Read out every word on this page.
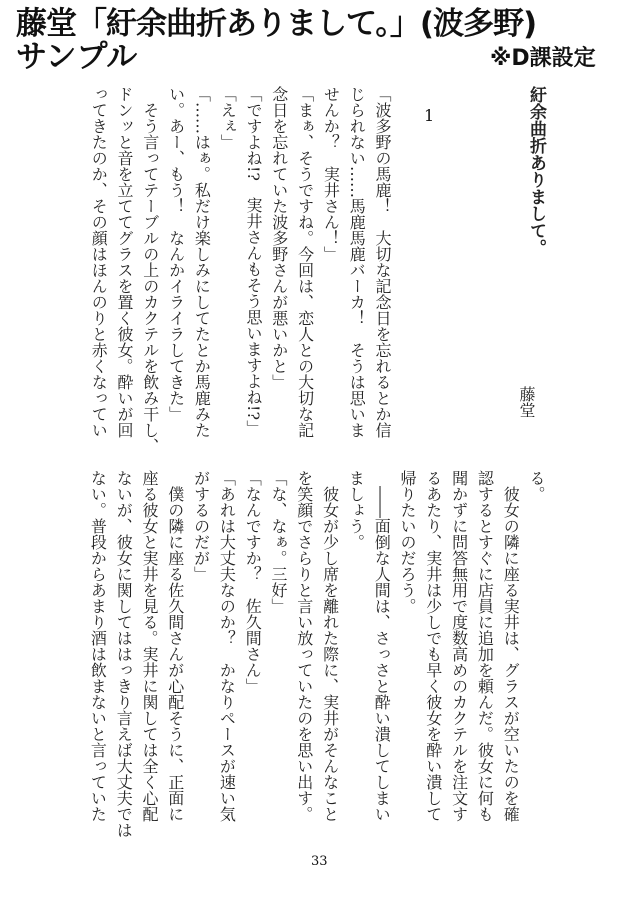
藤堂「紆余曲折ありまして。」(波多野)
サンプル	※D課設定
紆余曲折ありまして。
藤堂
1
「波多野の馬鹿！　大切な記念日を忘れるとか信
じられない……馬鹿馬鹿バーカ！　そうは思いま
せんか？　実井さん！」
「まぁ、そうですね。今回は、恋人との大切な記
念日を忘れていた波多野さんが悪いかと」
「ですよね!?　実井さんもそう思いますよね!?」
「えぇ」
「……はぁ。私だけ楽しみにしてたとか馬鹿みた
い。あー、もう！　なんかイライラしてきた」
　そう言ってテーブルの上のカクテルを飲み干し、
ドンッと音を立ててグラスを置く彼女。酔いが回
ってきたのか、その顔はほんのりと赤くなってい
る。
　彼女の隣に座る実井は、グラスが空いたのを確
認するとすぐに店員に追加を頼んだ。彼女に何も
聞かずに問答無用で度数高めのカクテルを注文す
るあたり、実井は少しでも早く彼女を酔い潰して
帰りたいのだろう。
　――面倒な人間は、さっさと酔い潰してしまい
ましょう。
　彼女が少し席を離れた際に、実井がそんなこと
を笑顔でさらりと言い放っていたのを思い出す。
「な、なぁ。三好」
「なんですか？　佐久間さん」
「あれは大丈夫なのか？　かなりペースが速い気
がするのだが」
　僕の隣に座る佐久間さんが心配そうに、正面に
座る彼女と実井を見る。実井に関しては全く心配
ないが、彼女に関してははっきり言えば大丈夫では
ない。普段からあまり酒は飲まないと言っていた
33
